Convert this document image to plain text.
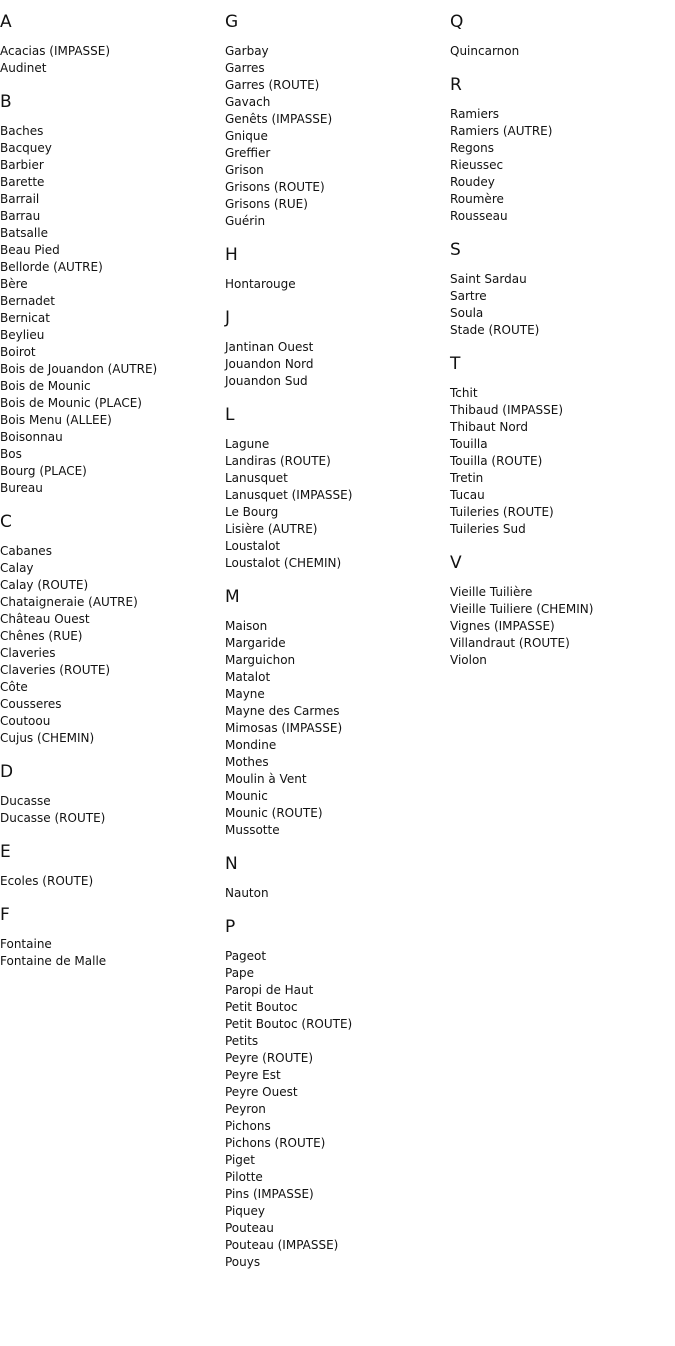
A
Acacias (IMPASSE)
Audinet
B
Baches
Bacquey
Barbier
Barette
Barrail
Barrau
Batsalle
Beau Pied
Bellorde (AUTRE)
Bère
Bernadet
Bernicat
Beylieu
Boirot
Bois de Jouandon (AUTRE)
Bois de Mounic
Bois de Mounic (PLACE)
Bois Menu (ALLEE)
Boisonnau
Bos
Bourg (PLACE)
Bureau
C
Cabanes
Calay
Calay (ROUTE)
Chataigneraie (AUTRE)
Château Ouest
Chênes (RUE)
Claveries
Claveries (ROUTE)
Côte
Cousseres
Coutoou
Cujus (CHEMIN)
D
Ducasse
Ducasse (ROUTE)
E
Ecoles (ROUTE)
F
Fontaine
Fontaine de Malle
G
Garbay
Garres
Garres (ROUTE)
Gavach
Genêts (IMPASSE)
Gnique
Greffier
Grison
Grisons (ROUTE)
Grisons (RUE)
Guérin
H
Hontarouge
J
Jantinan Ouest
Jouandon Nord
Jouandon Sud
L
Lagune
Landiras (ROUTE)
Lanusquet
Lanusquet (IMPASSE)
Le Bourg
Lisière (AUTRE)
Loustalot
Loustalot (CHEMIN)
M
Maison
Margaride
Marguichon
Matalot
Mayne
Mayne des Carmes
Mimosas (IMPASSE)
Mondine
Mothes
Moulin à Vent
Mounic
Mounic (ROUTE)
Mussotte
N
Nauton
P
Pageot
Pape
Paropi de Haut
Petit Boutoc
Petit Boutoc (ROUTE)
Petits
Peyre (ROUTE)
Peyre Est
Peyre Ouest
Peyron
Pichons
Pichons (ROUTE)
Piget
Pilotte
Pins (IMPASSE)
Piquey
Pouteau
Pouteau (IMPASSE)
Pouys
Q
Quincarnon
R
Ramiers
Ramiers (AUTRE)
Regons
Rieussec
Roudey
Roumère
Rousseau
S
Saint Sardau
Sartre
Soula
Stade (ROUTE)
T
Tchit
Thibaud (IMPASSE)
Thibaut Nord
Touilla
Touilla (ROUTE)
Tretin
Tucau
Tuileries (ROUTE)
Tuileries Sud
V
Vieille Tuilière
Vieille Tuiliere (CHEMIN)
Vignes (IMPASSE)
Villandraut (ROUTE)
Violon
